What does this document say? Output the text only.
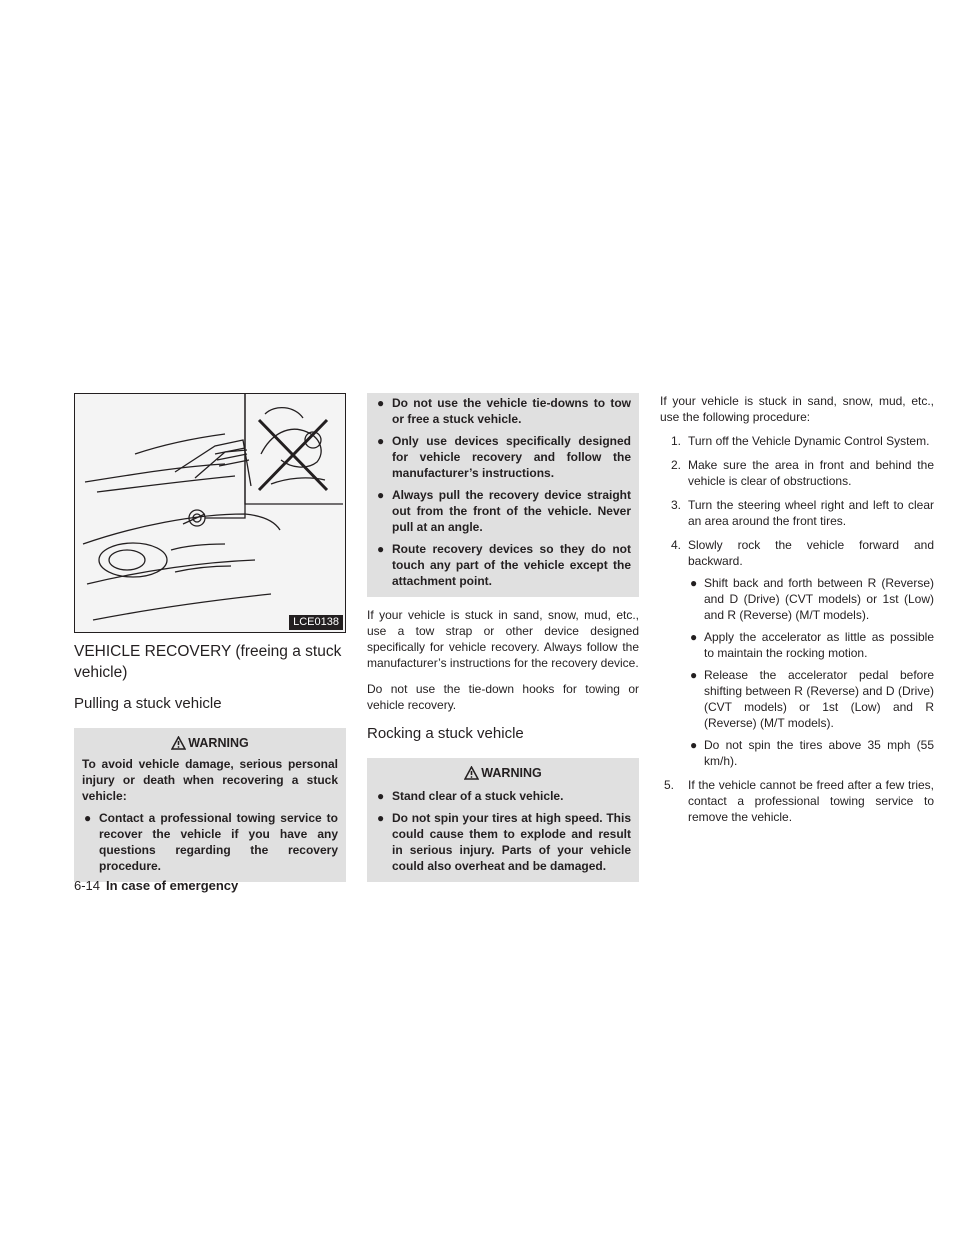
LCE0138
VEHICLE RECOVERY (freeing a stuck vehicle)
Pulling a stuck vehicle
WARNING

To avoid vehicle damage, serious personal injury or death when recovering a stuck vehicle:

● Contact a professional towing service to recover the vehicle if you have any questions regarding the recovery procedure.
● Do not use the vehicle tie-downs to tow or free a stuck vehicle.
● Only use devices specifically designed for vehicle recovery and follow the manufacturer’s instructions.
● Always pull the recovery device straight out from the front of the vehicle. Never pull at an angle.
● Route recovery devices so they do not touch any part of the vehicle except the attachment point.

If your vehicle is stuck in sand, snow, mud, etc., use a tow strap or other device designed specifically for vehicle recovery. Always follow the manufacturer’s instructions for the recovery device.

Do not use the tie-down hooks for towing or vehicle recovery.

Rocking a stuck vehicle
WARNING
● Stand clear of a stuck vehicle.
● Do not spin your tires at high speed. This could cause them to explode and result in serious injury. Parts of your vehicle could also overheat and be damaged.

If your vehicle is stuck in sand, snow, mud, etc., use the following procedure:

1. Turn off the Vehicle Dynamic Control System.
2. Make sure the area in front and behind the vehicle is clear of obstructions.
3. Turn the steering wheel right and left to clear an area around the front tires.
4. Slowly rock the vehicle forward and backward.
● Shift back and forth between R (Reverse) and D (Drive) (CVT models) or 1st (Low) and R (Reverse) (M/T models).
● Apply the accelerator as little as possible to maintain the rocking motion.
● Release the accelerator pedal before shifting between R (Reverse) and D (Drive) (CVT models) or 1st (Low) and R (Reverse) (M/T models).
● Do not spin the tires above 35 mph (55 km/h).
5. If the vehicle cannot be freed after a few tries, contact a professional towing service to remove the vehicle.
6-14 In case of emergency
